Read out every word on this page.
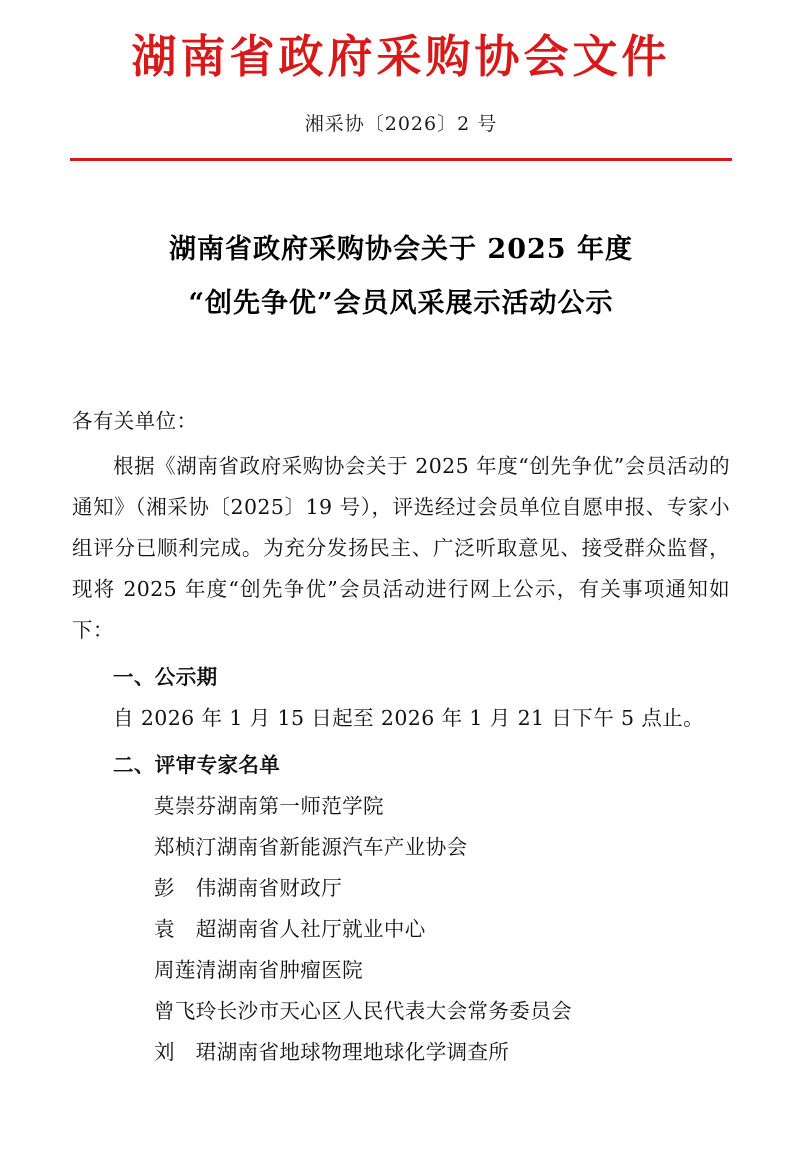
湖南省政府采购协会文件
湘采协〔2026〕2 号
湖南省政府采购协会关于 2025 年度
“创先争优”会员风采展示活动公示

各有关单位：

根据《湖南省政府采购协会关于 2025 年度“创先争优”会员活动的通知》（湘采协〔2025〕19 号），评选经过会员单位自愿申报、专家小组评分已顺利完成。为充分发扬民主、广泛听取意见、接受群众监督，现将 2025 年度“创先争优”会员活动进行网上公示，有关事项通知如下：

一、公示期

自 2026 年 1 月 15 日起至 2026 年 1 月 21 日下午 5 点止。

二、评审专家名单

莫崇芬湖南第一师范学院
郑桢汀湖南省新能源汽车产业协会
彭　伟湖南省财政厅
袁　超湖南省人社厅就业中心
周莲清湖南省肿瘤医院
曾飞玲长沙市天心区人民代表大会常务委员会
刘　珺湖南省地球物理地球化学调查所
